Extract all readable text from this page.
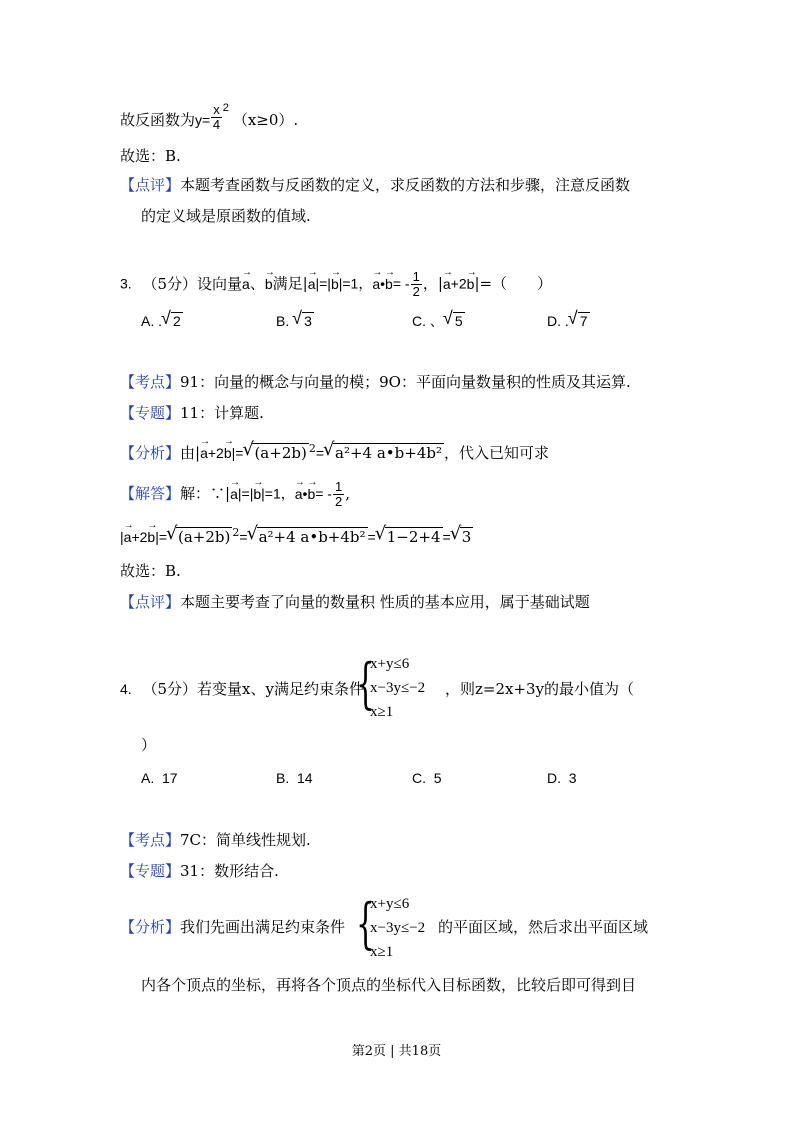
故反函数为$y= \frac{x}{4} ^2(x\ge 0)$.
故选：B.
【点评】本题考查函数与反函数的定义，求反函数的方法和步骤，注意反函数
的定义域是原函数的值域.
3. （5分）设向量a →、b →满足|a →|=|b →|=1，a →•b →= - $\frac{1}{2}$ ，|a →+2b →|=（　　）
A. . √ 2	B. √ 3	C. 、 √ 5	D. . √ 7
【考点】91：向量的概念与向量的模；9O：平面向量数量积的性质及其运算.
【专题】11：计算题.
【分析】由|a →+2b →|= √ (a+2b) $^2$= √ a²+4 a•b+4b² ，代入已知可求
【解答】解：∵|a →|=|b →|=1，a →•b →= - $\frac{1}{2}$ ,
|a →+2b →|= √ (a+2b) $^2$= √ a²+4 a•b+4b² = √ 1−2+4 = √ 3
故选：B.
【点评】本题主要考查了向量的数量积 性质的基本应用，属于基础试题
4. （5分）若变量x、y满足约束条件
{
x+y≤6
x−3y≤−2
x≥1
，则z=2x+3y的最小值为（
）
A. 17	B. 14	C. 5	D. 3
【考点】7C：简单线性规划.
【专题】31：数形结合.
【分析】我们先画出满足约束条件 {
x+y≤6
x−3y≤−2
x≥1
的平面区域，然后求出平面区域
内各个顶点的坐标，再将各个顶点的坐标代入目标函数，比较后即可得到目
第2页 | 共18页
